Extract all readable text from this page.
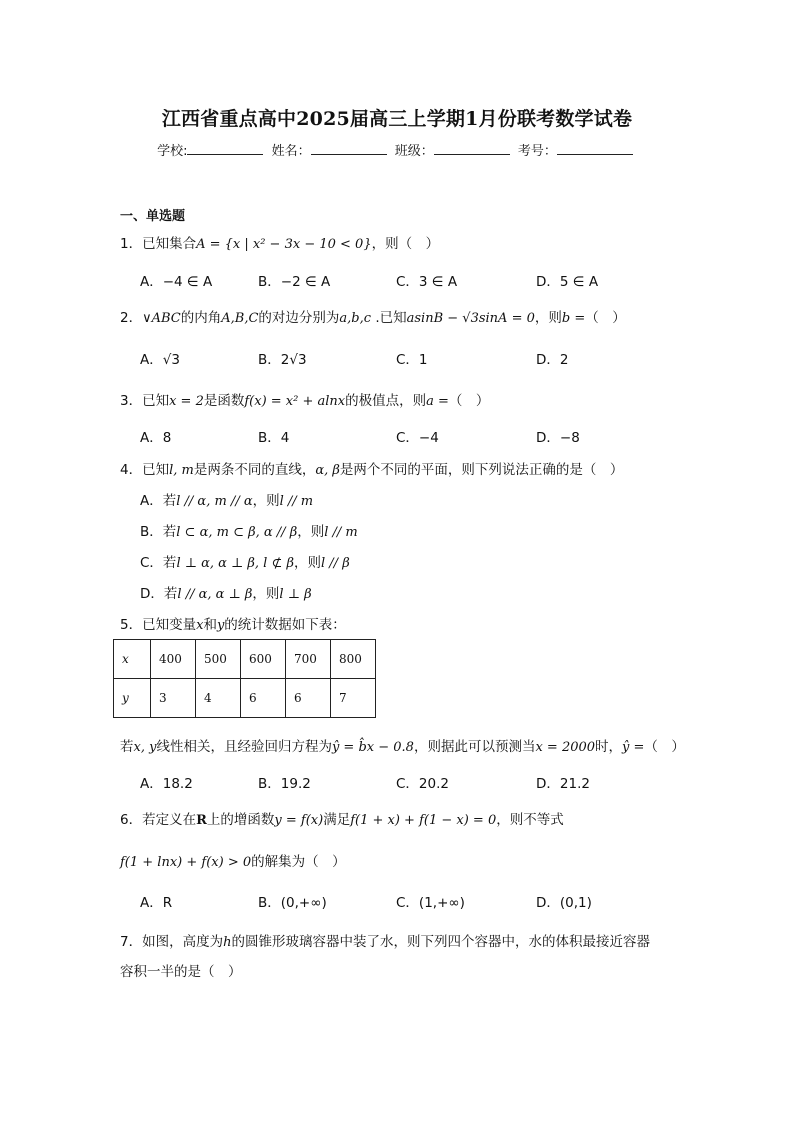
江西省重点高中2025届高三上学期1月份联考数学试卷
学校:	姓名：	班级：	考号：
一、单选题
1．已知集合A = {x | x² − 3x − 10 < 0}，则（　）
A．−4 ∈ A	B．−2 ∈ A	C．3 ∈ A	D．5 ∈ A
2．∨ABC的内角A,B,C的对边分别为a,b,c .已知asinB − √3sinA = 0，则b =（　）
A．√3	B．2√3	C．1	D．2
3．已知x = 2是函数f(x) = x² + alnx的极值点，则a =（　）
A．8	B．4	C．−4	D．−8
4．已知l, m是两条不同的直线，α, β是两个不同的平面，则下列说法正确的是（　）
A．若l // α, m // α，则l // m
B．若l ⊂ α, m ⊂ β, α // β，则l // m
C．若l ⊥ α, α ⊥ β, l ⊄ β，则l // β
D．若l // α, α ⊥ β，则l ⊥ β
5．已知变量x和y的统计数据如下表：
x	400	500	600	700	800
y	3	4	6	6	7
若x, y线性相关，且经验回归方程为ŷ = b̂x − 0.8，则据此可以预测当x = 2000时，ŷ =（　）
A．18.2	B．19.2	C．20.2	D．21.2
6．若定义在R上的增函数y = f(x)满足f(1 + x) + f(1 − x) = 0，则不等式
f(1 + lnx) + f(x) > 0的解集为（　）
A．R	B．(0,+∞)	C．(1,+∞)	D．(0,1)
7．如图，高度为h的圆锥形玻璃容器中装了水，则下列四个容器中，水的体积最接近容器
容积一半的是（　）
